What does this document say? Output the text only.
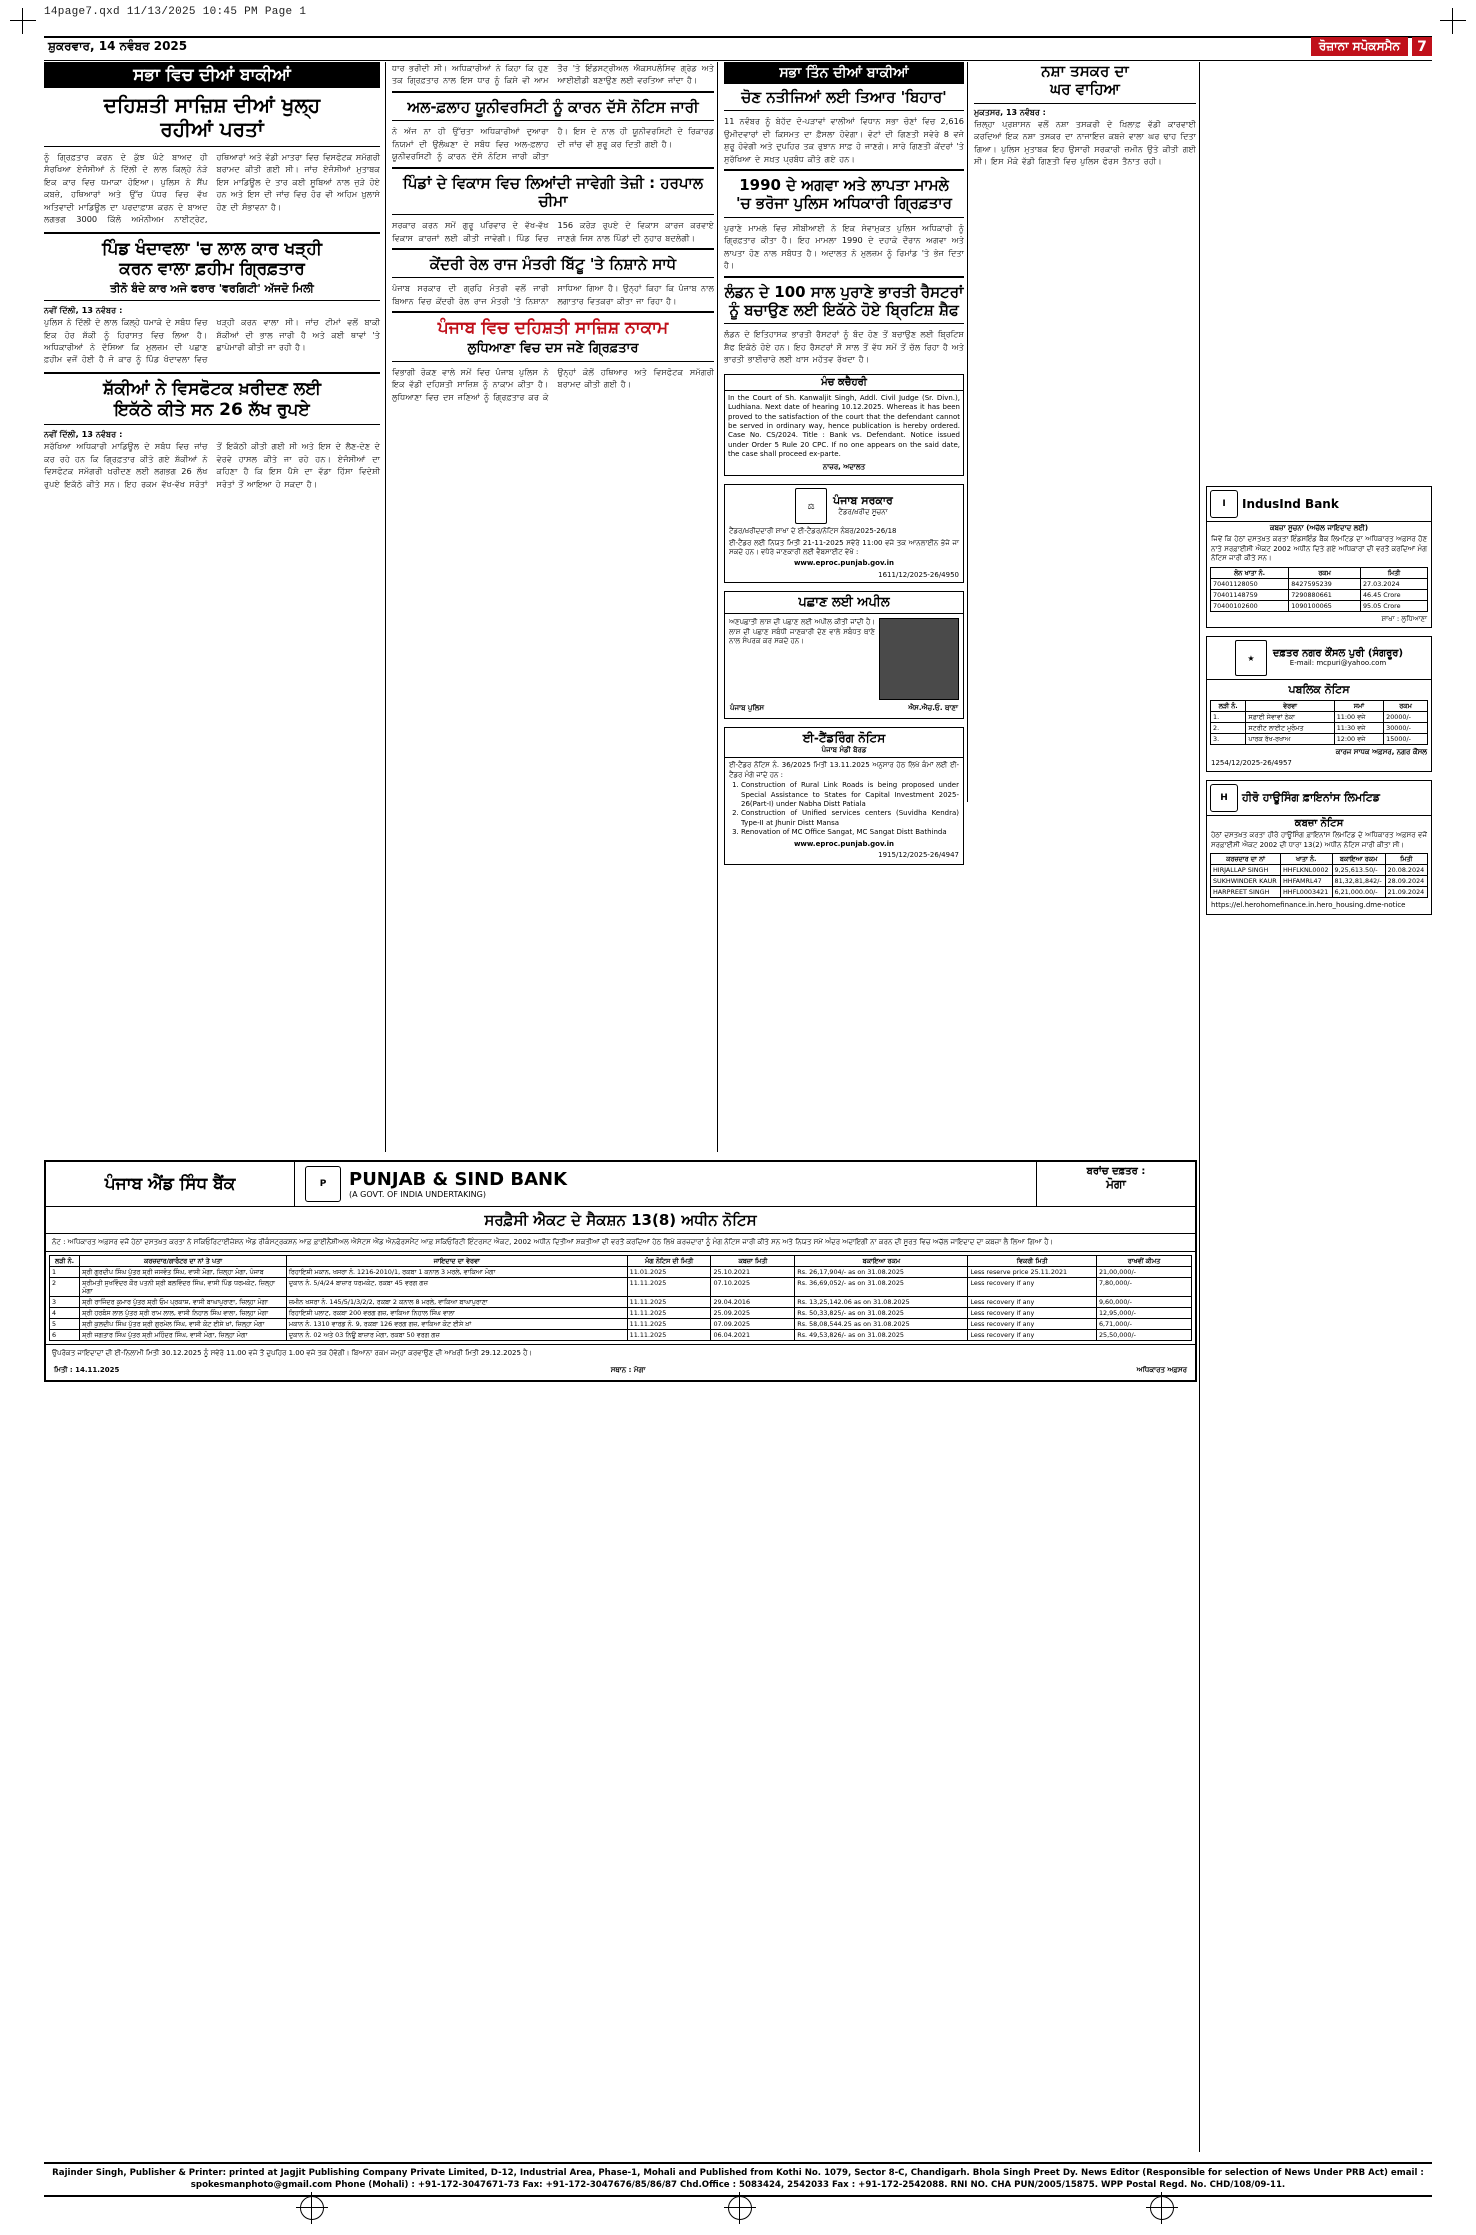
14page7.qxd 11/13/2025 10:45 PM Page 1
ਸ਼ੁਕਰਵਾਰ, 14 ਨਵੰਬਰ 2025	ਰੋਜ਼ਾਨਾ ਸਪੋਕਸਮੈਨ	7
ਸਭਾ ਵਿਚ ਦੀਆਂ ਬਾਕੀਆਂ
ਦਹਿਸ਼ਤੀ ਸਾਜ਼ਿਸ਼ ਦੀਆਂ ਖੁਲ੍ਹ
ਰਹੀਆਂ ਪਰਤਾਂ
ਨੂੰ ਗ੍ਰਿਫ਼ਤਾਰ ਕਰਨ ਦੇ ਕੁੱਝ ਘੰਟੇ ਬਾਅਦ ਹੀ ਸੰਰਖਿਆ ਏਜੰਸੀਆਂ ਨੇ ਦਿੱਲੀ ਦੇ ਲਾਲ ਕਿਲ੍ਹੇ ਨੇੜੇ ਇਕ ਕਾਰ ਵਿਚ ਧਮਾਕਾ ਹੋਇਆ। ਪੁਲਿਸ ਨੇ ਸੈਂਪ ਕਬਜ਼ੇ, ਹਥਿਆਰਾਂ ਅਤੇ ਉੱਚ ਪੱਧਰ ਵਿਚ ਵੱਖ ਅਤਿਵਾਦੀ ਮਾਡਿਊਲ ਦਾ ਪਰਦਾਫ਼ਾਸ਼ ਕਰਨ ਦੇ ਬਾਅਦ ਲਗਭਗ 3000 ਕਿੱਲੋ ਅਮੋਨੀਅਮ ਨਾਈਟ੍ਰੇਟ, ਹਥਿਆਰਾਂ ਅਤੇ ਵੱਡੀ ਮਾਤਰਾ ਵਿਚ ਵਿਸਫੋਟਕ ਸਮੱਗਰੀ ਬਰਾਮਦ ਕੀਤੀ ਗਈ ਸੀ। ਜਾਂਚ ਏਜੰਸੀਆਂ ਮੁਤਾਬਕ ਇਸ ਮਾਡਿਊਲ ਦੇ ਤਾਰ ਕਈ ਸੂਬਿਆਂ ਨਾਲ ਜੁੜੇ ਹੋਏ ਹਨ ਅਤੇ ਇਸ ਦੀ ਜਾਂਚ ਵਿਚ ਹੋਰ ਵੀ ਅਹਿਮ ਖ਼ੁਲਾਸੇ ਹੋਣ ਦੀ ਸੰਭਾਵਨਾ ਹੈ।
ਪਿੰਡ ਖੰਦਾਵਲਾ 'ਚ ਲਾਲ ਕਾਰ ਖੜ੍ਹੀ
ਕਰਨ ਵਾਲਾ ਫ਼ਹੀਮ ਗ੍ਰਿਫ਼ਤਾਰ
ਤੀਨੋ ਬੰਦੇ ਕਾਰ ਅਜੇ ਫਰਾਰ 'ਵਰਗਿਟੀ' ਅੱਜਦੋ ਮਿਲੀ
ਨਵੀਂ ਦਿੱਲੀ, 13 ਨਵੰਬਰ :
ਪੁਲਿਸ ਨੇ ਦਿੱਲੀ ਦੇ ਲਾਲ ਕਿਲ੍ਹੇ ਧਮਾਕੇ ਦੇ ਸਬੰਧ ਵਿਚ ਇਕ ਹੋਰ ਸ਼ੱਕੀ ਨੂੰ ਹਿਰਾਸਤ ਵਿਚ ਲਿਆ ਹੈ। ਅਧਿਕਾਰੀਆਂ ਨੇ ਦੱਸਿਆ ਕਿ ਮੁਲਜ਼ਮ ਦੀ ਪਛਾਣ ਫ਼ਹੀਮ ਵਜੋਂ ਹੋਈ ਹੈ ਜੋ ਕਾਰ ਨੂੰ ਪਿੰਡ ਖੰਦਾਵਲਾ ਵਿਚ ਖੜ੍ਹੀ ਕਰਨ ਵਾਲਾ ਸੀ। ਜਾਂਚ ਟੀਮਾਂ ਵਲੋਂ ਬਾਕੀ ਸ਼ੱਕੀਆਂ ਦੀ ਭਾਲ ਜਾਰੀ ਹੈ ਅਤੇ ਕਈ ਥਾਵਾਂ 'ਤੇ ਛਾਪੇਮਾਰੀ ਕੀਤੀ ਜਾ ਰਹੀ ਹੈ।
ਸ਼ੱਕੀਆਂ ਨੇ ਵਿਸਫੋਟਕ ਖ਼ਰੀਦਣ ਲਈ
ਇਕੱਠੇ ਕੀਤੇ ਸਨ 26 ਲੱਖ ਰੁਪਏ
ਨਵੀਂ ਦਿੱਲੀ, 13 ਨਵੰਬਰ :
ਸਰੱਖਿਆ ਅਧਿਕਾਰੀ ਮਾਡਿਊਲ ਦੇ ਸਬੰਧ ਵਿਚ ਜਾਂਚ ਕਰ ਰਹੇ ਹਨ ਕਿ ਗ੍ਰਿਫ਼ਤਾਰ ਕੀਤੇ ਗਏ ਸ਼ੱਕੀਆਂ ਨੇ ਵਿਸਫੋਟਕ ਸਮੱਗਰੀ ਖ਼ਰੀਦਣ ਲਈ ਲਗਭਗ 26 ਲੱਖ ਰੁਪਏ ਇਕੱਠੇ ਕੀਤੇ ਸਨ। ਇਹ ਰਕਮ ਵੱਖ-ਵੱਖ ਸਰੋਤਾਂ ਤੋਂ ਇਕੱਠੀ ਕੀਤੀ ਗਈ ਸੀ ਅਤੇ ਇਸ ਦੇ ਲੈਣ-ਦੇਣ ਦੇ ਵੇਰਵੇ ਹਾਸਲ ਕੀਤੇ ਜਾ ਰਹੇ ਹਨ। ਏਜੰਸੀਆਂ ਦਾ ਕਹਿਣਾ ਹੈ ਕਿ ਇਸ ਪੈਸੇ ਦਾ ਵੱਡਾ ਹਿੱਸਾ ਵਿਦੇਸ਼ੀ ਸਰੋਤਾਂ ਤੋਂ ਆਇਆ ਹੋ ਸਕਦਾ ਹੈ।
ਧਾਰ ਭਰੀਦੀ ਸੀ। ਅਧਿਕਾਰੀਆਂ ਨੇ ਕਿਹਾ ਕਿ ਹੁਣ ਤਕ ਗ੍ਰਿਫ਼ਤਾਰ ਨਾਲ ਇਸ ਧਾਰ ਨੂੰ ਕਿਸੇ ਵੀ ਆਮ ਤੌਰ 'ਤੇ ਇੰਡਸਟ੍ਰੀਅਲ ਐਕਸਪਲੋਸਿਵ ਗ੍ਰੇਡ ਅਤੇ ਆਈਈਡੀ ਬਣਾਉਣ ਲਈ ਵਰਤਿਆ ਜਾਂਦਾ ਹੈ।
ਅਲ-ਫ਼ਲਾਹ ਯੂਨੀਵਰਸਿਟੀ ਨੂੰ ਕਾਰਨ ਦੱਸੋ ਨੋਟਿਸ ਜਾਰੀ
ਨੇ ਅੱਜ ਨਾ ਹੀ ਉੱਚਤਾ ਅਧਿਕਾਰੀਆਂ ਦੁਆਰਾ ਨਿਯਮਾਂ ਦੀ ਉਲੰਘਣਾ ਦੇ ਸਬੰਧ ਵਿਚ ਅਲ-ਫ਼ਲਾਹ ਯੂਨੀਵਰਸਿਟੀ ਨੂੰ ਕਾਰਨ ਦੱਸੋ ਨੋਟਿਸ ਜਾਰੀ ਕੀਤਾ ਹੈ। ਇਸ ਦੇ ਨਾਲ ਹੀ ਯੂਨੀਵਰਸਿਟੀ ਦੇ ਰਿਕਾਰਡ ਦੀ ਜਾਂਚ ਵੀ ਸ਼ੁਰੂ ਕਰ ਦਿਤੀ ਗਈ ਹੈ।
ਪਿੰਡਾਂ ਦੇ ਵਿਕਾਸ ਵਿਚ ਲਿਆਂਦੀ ਜਾਵੇਗੀ ਤੇਜ਼ੀ : ਹਰਪਾਲ ਚੀਮਾ
ਸਰਕਾਰ ਕਰਨ ਸਮੇਂ ਗੁਰੂ ਪਰਿਵਾਰ ਦੇ ਵੱਖ-ਵੱਖ ਵਿਕਾਸ ਕਾਰਜਾਂ ਲਈ ਕੀਤੀ ਜਾਵੇਗੀ। ਪਿੰਡ ਵਿਚ 156 ਕਰੋੜ ਰੁਪਏ ਦੇ ਵਿਕਾਸ ਕਾਰਜ ਕਰਵਾਏ ਜਾਣਗੇ ਜਿਸ ਨਾਲ ਪਿੰਡਾਂ ਦੀ ਨੁਹਾਰ ਬਦਲੇਗੀ।
ਕੇਂਦਰੀ ਰੇਲ ਰਾਜ ਮੰਤਰੀ ਬਿੱਟੂ 'ਤੇ ਨਿਸ਼ਾਨੇ ਸਾਧੇ
ਪੰਜਾਬ ਸਰਕਾਰ ਦੀ ਗ੍ਰਹਿ ਮੰਤਰੀ ਵਲੋਂ ਜਾਰੀ ਬਿਆਨ ਵਿਚ ਕੇਂਦਰੀ ਰੇਲ ਰਾਜ ਮੰਤਰੀ 'ਤੇ ਨਿਸ਼ਾਨਾ ਸਾਧਿਆ ਗਿਆ ਹੈ। ਉਨ੍ਹਾਂ ਕਿਹਾ ਕਿ ਪੰਜਾਬ ਨਾਲ ਲਗਾਤਾਰ ਵਿਤਕਰਾ ਕੀਤਾ ਜਾ ਰਿਹਾ ਹੈ।
ਪੰਜਾਬ ਵਿਚ ਦਹਿਸ਼ਤੀ ਸਾਜ਼ਿਸ਼ ਨਾਕਾਮ
ਲੁਧਿਆਣਾ ਵਿਚ ਦਸ ਜਣੇ ਗ੍ਰਿਫ਼ਤਾਰ
ਵਿਭਾਗੀ ਰੋਕਣ ਵਾਲੇ ਸਮੇਂ ਵਿਚ ਪੰਜਾਬ ਪੁਲਿਸ ਨੇ ਇਕ ਵੱਡੀ ਦਹਿਸ਼ਤੀ ਸਾਜ਼ਿਸ਼ ਨੂੰ ਨਾਕਾਮ ਕੀਤਾ ਹੈ। ਲੁਧਿਆਣਾ ਵਿਚ ਦਸ ਜਣਿਆਂ ਨੂੰ ਗ੍ਰਿਫ਼ਤਾਰ ਕਰ ਕੇ ਉਨ੍ਹਾਂ ਕੋਲੋਂ ਹਥਿਆਰ ਅਤੇ ਵਿਸਫੋਟਕ ਸਮੱਗਰੀ ਬਰਾਮਦ ਕੀਤੀ ਗਈ ਹੈ।
ਸਭਾ ਤਿੰਨ ਦੀਆਂ ਬਾਕੀਆਂ
ਚੋਣ ਨਤੀਜਿਆਂ ਲਈ ਤਿਆਰ 'ਬਿਹਾਰ'
11 ਨਵੰਬਰ ਨੂੰ ਬੇਹੱਦ ਦੋ-ਪੜਾਵਾਂ ਵਾਲੀਆਂ ਵਿਧਾਨ ਸਭਾ ਚੋਣਾਂ ਵਿਚ 2,616 ਉਮੀਦਵਾਰਾਂ ਦੀ ਕਿਸਮਤ ਦਾ ਫ਼ੈਸਲਾ ਹੋਵੇਗਾ। ਵੋਟਾਂ ਦੀ ਗਿਣਤੀ ਸਵੇਰੇ 8 ਵਜੇ ਸ਼ੁਰੂ ਹੋਵੇਗੀ ਅਤੇ ਦੁਪਹਿਰ ਤਕ ਰੁਝਾਨ ਸਾਫ਼ ਹੋ ਜਾਣਗੇ। ਸਾਰੇ ਗਿਣਤੀ ਕੇਂਦਰਾਂ 'ਤੇ ਸੁਰੱਖਿਆ ਦੇ ਸਖ਼ਤ ਪ੍ਰਬੰਧ ਕੀਤੇ ਗਏ ਹਨ।
1990 ਦੇ ਅਗਵਾ ਅਤੇ ਲਾਪਤਾ ਮਾਮਲੇ
'ਚ ਭਰੋਜਾ ਪੁਲਿਸ ਅਧਿਕਾਰੀ ਗ੍ਰਿਫ਼ਤਾਰ
ਪੁਰਾਣੇ ਮਾਮਲੇ ਵਿਚ ਸੀਬੀਆਈ ਨੇ ਇਕ ਸੇਵਾਮੁਕਤ ਪੁਲਿਸ ਅਧਿਕਾਰੀ ਨੂੰ ਗ੍ਰਿਫ਼ਤਾਰ ਕੀਤਾ ਹੈ। ਇਹ ਮਾਮਲਾ 1990 ਦੇ ਦਹਾਕੇ ਦੌਰਾਨ ਅਗਵਾ ਅਤੇ ਲਾਪਤਾ ਹੋਣ ਨਾਲ ਸਬੰਧਤ ਹੈ। ਅਦਾਲਤ ਨੇ ਮੁਲਜ਼ਮ ਨੂੰ ਰਿਮਾਂਡ 'ਤੇ ਭੇਜ ਦਿਤਾ ਹੈ।
ਲੰਡਨ ਦੇ 100 ਸਾਲ ਪੁਰਾਣੇ ਭਾਰਤੀ ਰੈਸਟਰਾਂ
ਨੂੰ ਬਚਾਉਣ ਲਈ ਇਕੱਠੇ ਹੋਏ ਬ੍ਰਿਟਿਸ਼ ਸ਼ੈਫ
ਲੰਡਨ ਦੇ ਇਤਿਹਾਸਕ ਭਾਰਤੀ ਰੈਸਟਰਾਂ ਨੂੰ ਬੰਦ ਹੋਣ ਤੋਂ ਬਚਾਉਣ ਲਈ ਬ੍ਰਿਟਿਸ਼ ਸ਼ੈਫ ਇਕੱਠੇ ਹੋਏ ਹਨ। ਇਹ ਰੈਸਟਰਾਂ ਸੌ ਸਾਲ ਤੋਂ ਵੱਧ ਸਮੇਂ ਤੋਂ ਚੱਲ ਰਿਹਾ ਹੈ ਅਤੇ ਭਾਰਤੀ ਭਾਈਚਾਰੇ ਲਈ ਖ਼ਾਸ ਮਹੱਤਵ ਰੱਖਦਾ ਹੈ।
ਮੰਚ ਕਚੈਹਰੀ
In the Court of Sh. Kanwaljit Singh, Addl. Civil Judge (Sr. Divn.), Ludhiana. Next date of hearing 10.12.2025. Whereas it has been proved to the satisfaction of the court that the defendant cannot be served in ordinary way, hence publication is hereby ordered. Case No. CS/2024. Title : Bank vs. Defendant. Notice issued under Order 5 Rule 20 CPC. If no one appears on the said date, the case shall proceed ex-parte.
ਨਾਜ਼ਰ, ਅਦਾਲਤ
⚖	ਪੰਜਾਬ ਸਰਕਾਰ
ਟੈਂਡਰ/ਖ਼ਰੀਦ ਸੂਚਨਾ
ਟੈਂਡਰ/ਖ਼ਰੀਦਦਾਰੀ ਸ਼ਾਖਾ ਦੇ ਈ-ਟੈਂਡਰ/ਨੋਟਿਸ ਨੰਬਰ/2025-26/18
ਈ-ਟੈਂਡਰ ਲਈ ਨਿਯਤ ਮਿਤੀ 21-11-2025 ਸਵੇਰੇ 11:00 ਵਜੇ ਤਕ ਆਨਲਾਈਨ ਭੇਜੇ ਜਾ ਸਕਦੇ ਹਨ। ਵਧੇਰੇ ਜਾਣਕਾਰੀ ਲਈ ਵੈਬਸਾਈਟ ਵੇਖੋ :
www.eproc.punjab.gov.in
1611/12/2025-26/4950
ਪਛਾਣ ਲਈ ਅਪੀਲ
ਅਣਪਛਾਤੀ ਲਾਸ਼ ਦੀ ਪਛਾਣ ਲਈ ਅਪੀਲ ਕੀਤੀ ਜਾਂਦੀ ਹੈ। ਲਾਸ਼ ਦੀ ਪਛਾਣ ਸਬੰਧੀ ਜਾਣਕਾਰੀ ਦੇਣ ਵਾਲੇ ਸਬੰਧਤ ਥਾਣੇ ਨਾਲ ਸੰਪਰਕ ਕਰ ਸਕਦੇ ਹਨ।
ਪੰਜਾਬ ਪੁਲਿਸ	ਐਸ.ਐਚ.ਓ. ਥਾਣਾ
ਈ-ਟੈਂਡਰਿੰਗ ਨੋਟਿਸ
ਪੰਜਾਬ ਮੰਡੀ ਬੋਰਡ
ਈ-ਟੈਂਡਰ ਨੋਟਿਸ ਨੰ. 36/2025 ਮਿਤੀ 13.11.2025 ਅਨੁਸਾਰ ਹੇਠ ਲਿਖੇ ਕੰਮਾਂ ਲਈ ਈ-ਟੈਂਡਰ ਮੰਗੇ ਜਾਂਦੇ ਹਨ :
1. Construction of Rural Link Roads is being proposed under Special Assistance to States for Capital Investment 2025-26(Part-I) under Nabha Distt Patiala
2. Construction of Unified services centers (Suvidha Kendra) Type-II at Jhunir Distt Mansa
3. Renovation of MC Office Sangat, MC Sangat Distt Bathinda
www.eproc.punjab.gov.in
1915/12/2025-26/4947
ਨਸ਼ਾ ਤਸਕਰ ਦਾ
ਘਰ ਵਾਹਿਆ
ਮੁਕਤਸਰ, 13 ਨਵੰਬਰ :
ਜ਼ਿਲ੍ਹਾ ਪ੍ਰਸ਼ਾਸਨ ਵਲੋਂ ਨਸ਼ਾ ਤਸਕਰੀ ਦੇ ਖ਼ਿਲਾਫ਼ ਵੱਡੀ ਕਾਰਵਾਈ ਕਰਦਿਆਂ ਇਕ ਨਸ਼ਾ ਤਸਕਰ ਦਾ ਨਾਜਾਇਜ਼ ਕਬਜ਼ੇ ਵਾਲਾ ਘਰ ਢਾਹ ਦਿਤਾ ਗਿਆ। ਪੁਲਿਸ ਮੁਤਾਬਕ ਇਹ ਉਸਾਰੀ ਸਰਕਾਰੀ ਜ਼ਮੀਨ ਉਤੇ ਕੀਤੀ ਗਈ ਸੀ। ਇਸ ਮੌਕੇ ਵੱਡੀ ਗਿਣਤੀ ਵਿਚ ਪੁਲਿਸ ਫੋਰਸ ਤੈਨਾਤ ਰਹੀ।
I	IndusInd Bank
ਕਬਜ਼ਾ ਸੂਚਨਾ (ਅਚੱਲ ਜਾਇਦਾਦ ਲਈ)
ਜਿਵੇਂ ਕਿ ਹੇਠਾਂ ਦਸਤਖ਼ਤ ਕਰਤਾ ਇੰਡਸਇੰਡ ਬੈਂਕ ਲਿਮਟਿਡ ਦਾ ਅਧਿਕਾਰਤ ਅਫ਼ਸਰ ਹੋਣ ਨਾਤੇ ਸਰਫ਼ਾਈਸੀ ਐਕਟ 2002 ਅਧੀਨ ਦਿਤੇ ਗਏ ਅਧਿਕਾਰਾਂ ਦੀ ਵਰਤੋਂ ਕਰਦਿਆਂ ਮੰਗ ਨੋਟਿਸ ਜਾਰੀ ਕੀਤੇ ਸਨ।
ਲੋਨ ਖਾਤਾ ਨੰ.	ਰਕਮ	ਮਿਤੀ
70401128050	8427595239	27.03.2024
70401148759	7290880661	46.45 Crore
70400102600	1090100065	95.05 Crore
ਸ਼ਾਖਾ : ਲੁਧਿਆਣਾ
★	ਦਫ਼ਤਰ ਨਗਰ ਕੌਂਸਲ ਪੁਰੀ (ਸੰਗਰੂਰ)
E-mail: mcpuri@yahoo.com
ਪਬਲਿਕ ਨੋਟਿਸ
ਲੜੀ ਨੰ.	ਵੇਰਵਾ	ਸਮਾਂ	ਰਕਮ
1.	ਸਫ਼ਾਈ ਸੇਵਾਵਾਂ ਠੇਕਾ	11:00 ਵਜੇ	20000/-
2.	ਸਟਰੀਟ ਲਾਈਟ ਮੁਰੰਮਤ	11:30 ਵਜੇ	30000/-
3.	ਪਾਰਕ ਰੱਖ-ਰਖਾਅ	12:00 ਵਜੇ	15000/-
ਕਾਰਜ ਸਾਧਕ ਅਫ਼ਸਰ, ਨਗਰ ਕੌਂਸਲ
1254/12/2025-26/4957
H	ਹੀਰੋ ਹਾਊਸਿੰਗ ਫ਼ਾਇਨਾਂਸ ਲਿਮਟਿਡ
ਕਬਜ਼ਾ ਨੋਟਿਸ
ਹੇਠਾਂ ਦਸਤਖ਼ਤ ਕਰਤਾ ਹੀਰੋ ਹਾਊਸਿੰਗ ਫ਼ਾਇਨਾਂਸ ਲਿਮਟਿਡ ਦੇ ਅਧਿਕਾਰਤ ਅਫ਼ਸਰ ਵਜੋਂ ਸਰਫ਼ਾਈਸੀ ਐਕਟ 2002 ਦੀ ਧਾਰਾ 13(2) ਅਧੀਨ ਨੋਟਿਸ ਜਾਰੀ ਕੀਤਾ ਸੀ।
ਕਰਜ਼ਦਾਰ ਦਾ ਨਾਂ	ਖਾਤਾ ਨੰ.	ਬਕਾਇਆ ਰਕਮ	ਮਿਤੀ
HIRJALLAP SINGH	HHFLKNL0002	9,25,613.50/-	20.08.2024
SUKHWINDER KAUR	HHFAMRL47	81,32,81,842/-	28.09.2024
HARPREET SINGH	HHFL0003421	6,21,000.00/-	21.09.2024
https://el.herohomefinance.in.hero_housing.dme-notice
ਪੰਜਾਬ ਐਂਡ ਸਿੰਧ ਬੈਂਕ	P	PUNJAB & SIND BANK
(A GOVT. OF INDIA UNDERTAKING)
ਬਰਾਂਚ ਦਫ਼ਤਰ :
ਮੋਗਾ
ਸਰਫ਼ੈਸੀ ਐਕਟ ਦੇ ਸੈਕਸ਼ਨ 13(8) ਅਧੀਨ ਨੋਟਿਸ
ਨੋਟ : ਅਧਿਕਾਰਤ ਅਫ਼ਸਰ ਵਜੋਂ ਹੇਠਾਂ ਦਸਤਖ਼ਤ ਕਰਤਾ ਨੇ ਸਕਿਓਰਿਟਾਈਜ਼ੇਸ਼ਨ ਐਂਡ ਰੀਕੰਸਟ੍ਰਕਸ਼ਨ ਆਫ਼ ਫ਼ਾਈਨੈਂਸ਼ੀਅਲ ਐਸੇਟਸ ਐਂਡ ਐਨਫੋਰਸਮੈਂਟ ਆਫ਼ ਸਕਿਓਰਿਟੀ ਇੰਟਰਸਟ ਐਕਟ, 2002 ਅਧੀਨ ਦਿਤੀਆਂ ਸ਼ਕਤੀਆਂ ਦੀ ਵਰਤੋਂ ਕਰਦਿਆਂ ਹੇਠ ਲਿਖੇ ਕਰਜ਼ਦਾਰਾਂ ਨੂੰ ਮੰਗ ਨੋਟਿਸ ਜਾਰੀ ਕੀਤੇ ਸਨ ਅਤੇ ਨਿਯਤ ਸਮੇਂ ਅੰਦਰ ਅਦਾਇਗੀ ਨਾ ਕਰਨ ਦੀ ਸੂਰਤ ਵਿਚ ਅਚੱਲ ਜਾਇਦਾਦ ਦਾ ਕਬਜ਼ਾ ਲੈ ਲਿਆ ਗਿਆ ਹੈ।
ਲੜੀ ਨੰ.	ਕਰਜ਼ਦਾਰ/ਗਾਰੰਟਰ ਦਾ ਨਾਂ ਤੇ ਪਤਾ	ਜਾਇਦਾਦ ਦਾ ਵੇਰਵਾ	ਮੰਗ ਨੋਟਿਸ ਦੀ ਮਿਤੀ	ਕਬਜ਼ਾ ਮਿਤੀ	ਬਕਾਇਆ ਰਕਮ	ਵਿਕਰੀ ਮਿਤੀ	ਰਾਖਵੀਂ ਕੀਮਤ
1	ਸ਼੍ਰੀ ਗੁਰਦੀਪ ਸਿੰਘ ਪੁੱਤਰ ਸ਼੍ਰੀ ਜਸਵੰਤ ਸਿੰਘ, ਵਾਸੀ ਮੋਗਾ, ਜ਼ਿਲ੍ਹਾ ਮੋਗਾ, ਪੰਜਾਬ	ਰਿਹਾਇਸ਼ੀ ਮਕਾਨ, ਖਸਰਾ ਨੰ. 1216-2010/1, ਰਕਬਾ 1 ਕਨਾਲ 3 ਮਰਲੇ, ਵਾਕਿਆ ਮੋਗਾ	11.01.2025	25.10.2021	Rs. 26,17,904/- as on 31.08.2025	Less reserve price 25.11.2021	21,00,000/-
2	ਸ਼੍ਰੀਮਤੀ ਸੁਖਵਿੰਦਰ ਕੌਰ ਪਤਨੀ ਸ਼੍ਰੀ ਬਲਵਿੰਦਰ ਸਿੰਘ, ਵਾਸੀ ਪਿੰਡ ਧਰਮਕੋਟ, ਜ਼ਿਲ੍ਹਾ ਮੋਗਾ	ਦੁਕਾਨ ਨੰ. 5/4/24 ਬਾਜ਼ਾਰ ਧਰਮਕੋਟ, ਰਕਬਾ 45 ਵਰਗ ਗਜ਼	11.11.2025	07.10.2025	Rs. 36,69,052/- as on 31.08.2025	Less recovery if any	7,80,000/-
3	ਸ਼੍ਰੀ ਰਾਜਿੰਦਰ ਕੁਮਾਰ ਪੁੱਤਰ ਸ਼੍ਰੀ ਓਮ ਪ੍ਰਕਾਸ਼, ਵਾਸੀ ਬਾਘਾਪੁਰਾਣਾ, ਜ਼ਿਲ੍ਹਾ ਮੋਗਾ	ਜ਼ਮੀਨ ਖਸਰਾ ਨੰ. 145/5/1/3/2/2, ਰਕਬਾ 2 ਕਨਾਲ 8 ਮਰਲੇ, ਵਾਕਿਆ ਬਾਘਾਪੁਰਾਣਾ	11.11.2025	29.04.2016	Rs. 13,25,142.06 as on 31.08.2025	Less recovery if any	9,60,000/-
4	ਸ਼੍ਰੀ ਹਰਬੰਸ ਲਾਲ ਪੁੱਤਰ ਸ਼੍ਰੀ ਰਾਮ ਲਾਲ, ਵਾਸੀ ਨਿਹਾਲ ਸਿੰਘ ਵਾਲਾ, ਜ਼ਿਲ੍ਹਾ ਮੋਗਾ	ਰਿਹਾਇਸ਼ੀ ਪਲਾਟ, ਰਕਬਾ 200 ਵਰਗ ਗਜ਼, ਵਾਕਿਆ ਨਿਹਾਲ ਸਿੰਘ ਵਾਲਾ	11.11.2025	25.09.2025	Rs. 50,33,825/- as on 31.08.2025	Less recovery if any	12,95,000/-
5	ਸ਼੍ਰੀ ਕੁਲਦੀਪ ਸਿੰਘ ਪੁੱਤਰ ਸ਼੍ਰੀ ਗੁਰਮੇਲ ਸਿੰਘ, ਵਾਸੀ ਕੋਟ ਈਸੇ ਖ਼ਾਂ, ਜ਼ਿਲ੍ਹਾ ਮੋਗਾ	ਮਕਾਨ ਨੰ. 1310 ਵਾਰਡ ਨੰ. 9, ਰਕਬਾ 126 ਵਰਗ ਗਜ਼, ਵਾਕਿਆ ਕੋਟ ਈਸੇ ਖ਼ਾਂ	11.11.2025	07.09.2025	Rs. 58,08,544.25 as on 31.08.2025	Less recovery if any	6,71,000/-
6	ਸ਼੍ਰੀ ਜਗਤਾਰ ਸਿੰਘ ਪੁੱਤਰ ਸ਼੍ਰੀ ਮਹਿੰਦਰ ਸਿੰਘ, ਵਾਸੀ ਮੋਗਾ, ਜ਼ਿਲ੍ਹਾ ਮੋਗਾ	ਦੁਕਾਨ ਨੰ. 02 ਅਤੇ 03 ਨਿਊ ਬਾਜ਼ਾਰ ਮੋਗਾ, ਰਕਬਾ 50 ਵਰਗ ਗਜ਼	11.11.2025	06.04.2021	Rs. 49,53,826/- as on 31.08.2025	Less recovery if any	25,50,000/-
ਉਪਰੋਕਤ ਜਾਇਦਾਦਾਂ ਦੀ ਈ-ਨਿਲਾਮੀ ਮਿਤੀ 30.12.2025 ਨੂੰ ਸਵੇਰੇ 11.00 ਵਜੇ ਤੋਂ ਦੁਪਹਿਰ 1.00 ਵਜੇ ਤਕ ਹੋਵੇਗੀ। ਬਿਆਨਾ ਰਕਮ ਜਮ੍ਹਾਂ ਕਰਵਾਉਣ ਦੀ ਆਖ਼ਰੀ ਮਿਤੀ 29.12.2025 ਹੈ।
ਮਿਤੀ : 14.11.2025	ਸਥਾਨ : ਮੋਗਾ	ਅਧਿਕਾਰਤ ਅਫ਼ਸਰ
Rajinder Singh, Publisher & Printer: printed at Jagjit Publishing Company Private Limited, D-12, Industrial Area, Phase-1, Mohali and Published from Kothi No. 1079, Sector 8-C, Chandigarh. Bhola Singh Preet Dy. News Editor (Responsible for selection of News Under PRB Act) email : spokesmanphoto@gmail.com Phone (Mohali) : +91-172-3047671-73 Fax: +91-172-3047676/85/86/87 Chd.Office : 5083424, 2542033 Fax : +91-172-2542088. RNI NO. CHA PUN/2005/15875. WPP Postal Regd. No. CHD/108/09-11.
